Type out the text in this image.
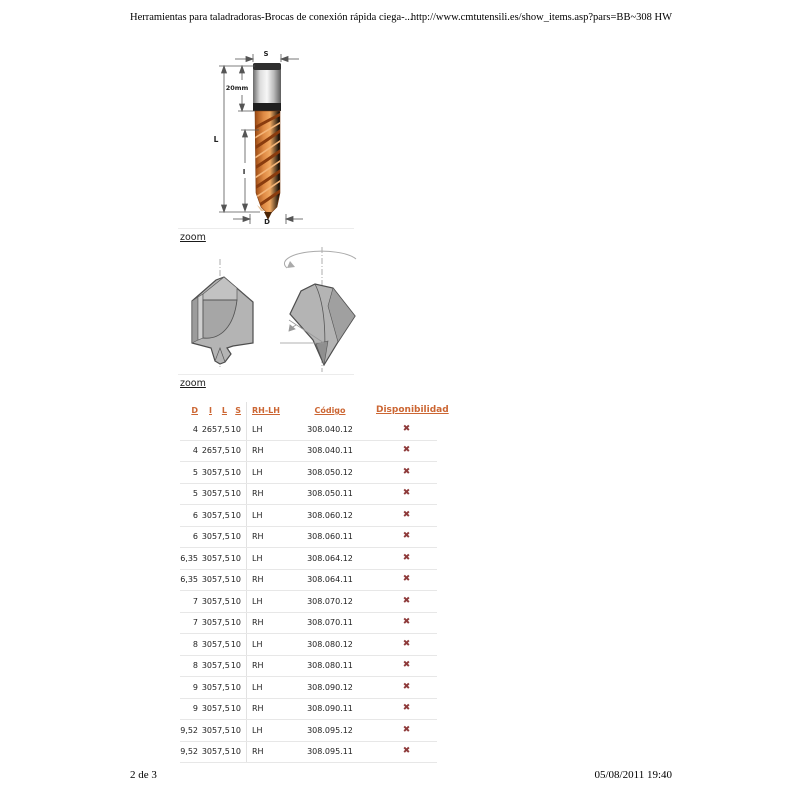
Herramientas para taladradoras-Brocas de conexión rápida ciega-...
http://www.cmtutensili.es/show_items.asp?pars=BB~308 HW
S
20mm
L
I
D
zoom
zoom
D	I	L	S	RH-LH	Código	Disponibilidad
4 26 57,5 10	LH	308.040.12	✖
4 26 57,5 10	RH	308.040.11	✖
5 30 57,5 10	LH	308.050.12	✖
5 30 57,5 10	RH	308.050.11	✖
6 30 57,5 10	LH	308.060.12	✖
6 30 57,5 10	RH	308.060.11	✖
6,35 30 57,5 10	LH	308.064.12	✖
6,35 30 57,5 10	RH	308.064.11	✖
7 30 57,5 10	LH	308.070.12	✖
7 30 57,5 10	RH	308.070.11	✖
8 30 57,5 10	LH	308.080.12	✖
8 30 57,5 10	RH	308.080.11	✖
9 30 57,5 10	LH	308.090.12	✖
9 30 57,5 10	RH	308.090.11	✖
9,52 30 57,5 10	LH	308.095.12	✖
9,52 30 57,5 10	RH	308.095.11	✖
2 de 3	05/08/2011 19:40
